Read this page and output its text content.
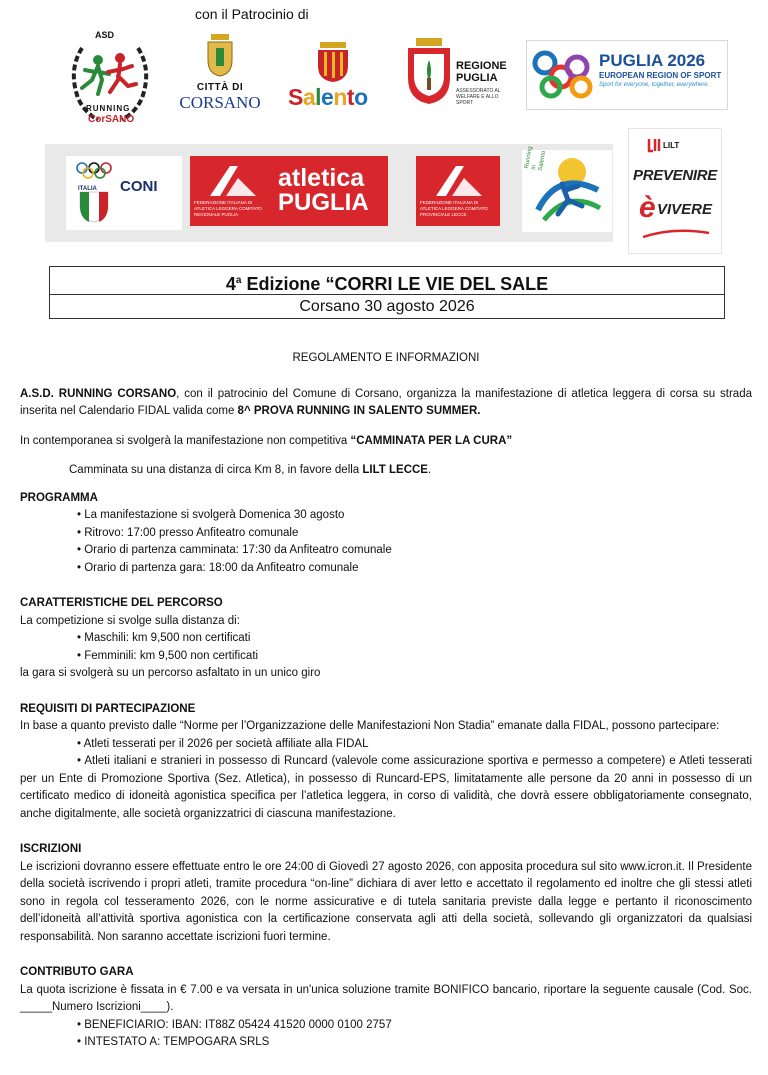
con il Patrocinio di
ASD
RUNNING
CorSANO
CITTÀ DI
CORSANO	Salento
REGIONE
PUGLIA
ASSESSORATO AL WELFARE E ALLO SPORT
PUGLIA 2026
EUROPEAN REGION OF SPORT
Sport for everyone, together, everywhere
ITALIA CONI
FEDERAZIONE ITALIANA DI ATLETICA LEGGERA COMITATO REGIONALE PUGLIA
atletica
PUGLIA	FEDERAZIONE ITALIANA DI ATLETICA LEGGERA COMITATO PROVINCIALE LECCE
Running in Salento
LILT
PREVENIRE
è VIVERE
4$^a$ Edizione “CORRI LE VIE DEL SALE
Corsano 30 agosto 2026

REGOLAMENTO E INFORMAZIONI

A.S.D. RUNNING CORSANO, con il patrocinio del Comune di Corsano, organizza la manifestazione di atletica leggera di corsa su strada inserita nel Calendario FIDAL valida come 8^ PROVA RUNNING IN SALENTO SUMMER.

In contemporanea si svolgerà la manifestazione non competitiva “CAMMINATA PER LA CURA”

Camminata su una distanza di circa Km 8, in favore della LILT LECCE.

PROGRAMMA

• La manifestazione si svolgerà Domenica 30 agosto
• Ritrovo: 17:00 presso Anfiteatro comunale
• Orario di partenza camminata: 17:30 da Anfiteatro comunale
• Orario di partenza gara: 18:00 da Anfiteatro comunale

CARATTERISTICHE DEL PERCORSO

La competizione si svolge sulla distanza di:

• Maschili: km 9,500 non certificati
• Femminili: km 9,500 non certificati

la gara si svolgerà su un percorso asfaltato in un unico giro

REQUISITI DI PARTECIPAZIONE

In base a quanto previsto dalle “Norme per l’Organizzazione delle Manifestazioni Non Stadia” emanate dalla FIDAL, possono partecipare:

• Atleti tesserati per il 2026 per società affiliate alla FIDAL

• Atleti italiani e stranieri in possesso di Runcard (valevole come assicurazione sportiva e permesso a competere) e Atleti tesserati per un Ente di Promozione Sportiva (Sez. Atletica), in possesso di Runcard-EPS, limitatamente alle persone da 20 anni in possesso di un certificato medico di idoneità agonistica specifica per l’atletica leggera, in corso di validità, che dovrà essere obbligatoriamente consegnato, anche digitalmente, alle società organizzatrici di ciascuna manifestazione.

ISCRIZIONI

Le iscrizioni dovranno essere effettuate entro le ore 24:00 di Giovedì 27 agosto 2026, con apposita procedura sul sito www.icron.it. Il Presidente della società iscrivendo i propri atleti, tramite procedura “on-line” dichiara di aver letto e accettato il regolamento ed inoltre che gli stessi atleti sono in regola col tesseramento 2026, con le norme assicurative e di tutela sanitaria previste dalla legge e pertanto il riconoscimento dell’idoneità all’attività sportiva agonistica con la certificazione conservata agli atti della società, sollevando gli organizzatori da qualsiasi responsabilità. Non saranno accettate iscrizioni fuori termine.

CONTRIBUTO GARA

La quota iscrizione è fissata in € 7.00 e va versata in un'unica soluzione tramite BONIFICO bancario, riportare la seguente causale (Cod. Soc. _____Numero Iscrizioni____).

• BENEFICIARIO: IBAN: IT88Z 05424 41520 0000 0100 2757
• INTESTATO A: TEMPOGARA SRLS
